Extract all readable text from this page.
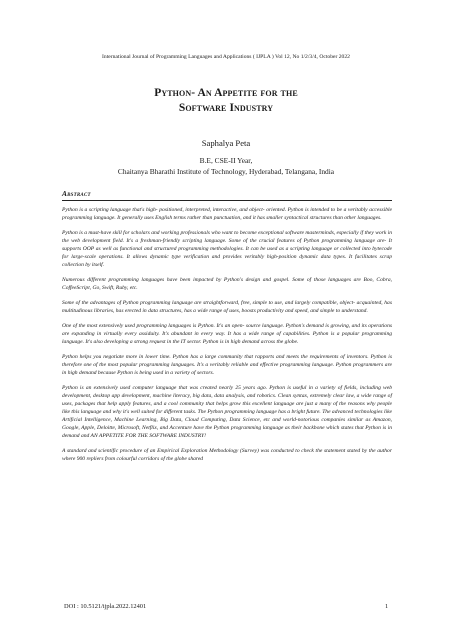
International Journal of Programming Languages and Applications ( IJPLA ) Vol 12, No 1/2/3/4, October 2022
Python- An Appetite for the
Software Industry
Saphalya Peta
B.E, CSE-II Year,
Chaitanya Bharathi Institute of Technology, Hyderabad, Telangana, India
Abstract

Python is a scripting language that's high- positioned, interpreted, interactive, and object- oriented. Python is intended to be a veritably accessible programming language. It generally uses English terms rather than punctuation, and it has smaller syntactical structures than other languages.

Python is a must-have skill for scholars and working professionals who want to become exceptional software masterminds, especially if they work in the web development field. It's a freshman-friendly scripting language. Some of the crucial features of Python programming language are- It supports OOP as well as functional and structured programming methodologies. It can be used as a scripting language or collected into bytecode for large-scale operations. It allows dynamic type verification and provides veritably high-position dynamic data types. It facilitates scrap collection by itself.

Numerous different programming languages have been impacted by Python's design and gospel. Some of those languages are Boo, Cobra, CoffeeScript, Go, Swift, Ruby, etc.

Some of the advantages of Python programming language are straightforward, free, simple to use, and largely compatible, object- acquainted, has multitudinous libraries, has erected in data structures, has a wide range of uses, boosts productivity and speed, and simple to understand.

One of the most extensively used programming languages is Python. It's an open- source language. Python's demand is growing, and its operations are expanding in virtually every assiduity. It's abundant in every way. It has a wide range of capabilities. Python is a popular programming language. It's also developing a strong request in the IT sector. Python is in high demand across the globe.

Python helps you negotiate more in lower time. Python has a large community that rapports and meets the requirements of inventors. Python is therefore one of the most popular programming languages. It's a veritably reliable and effective programming language. Python programmers are in high demand because Python is being used in a variety of sectors.

Python is an extensively used computer language that was created nearly 25 years ago. Python is useful in a variety of fields, including web development, desktop app development, machine literacy, big data, data analysis, and robotics. Clean syntax, extremely clear law, a wide range of uses, packages that help apply features, and a cool community that helps grow this excellent language are just a many of the reasons why people like this language and why it's well suited for different tasks. The Python programming language has a bright future. The advanced technologies like Artificial Intelligence, Machine Learning, Big Data, Cloud Computing, Data Science, etc and world-notorious companies similar as Amazon, Google, Apple, Deloitte, Microsoft, Netflix, and Accenture have the Python programming language as their backbone which states that Python is in demand and AN APPETITE FOR THE SOFTWARE INDUSTRY!

A standard and scientific procedure of an Empirical Exploration Methodology (Survey) was conducted to check the statement stated by the author where 900 repliers from colourful corridors of the globe shared

DOI : 10.5121/ijpla.2022.12401	1
